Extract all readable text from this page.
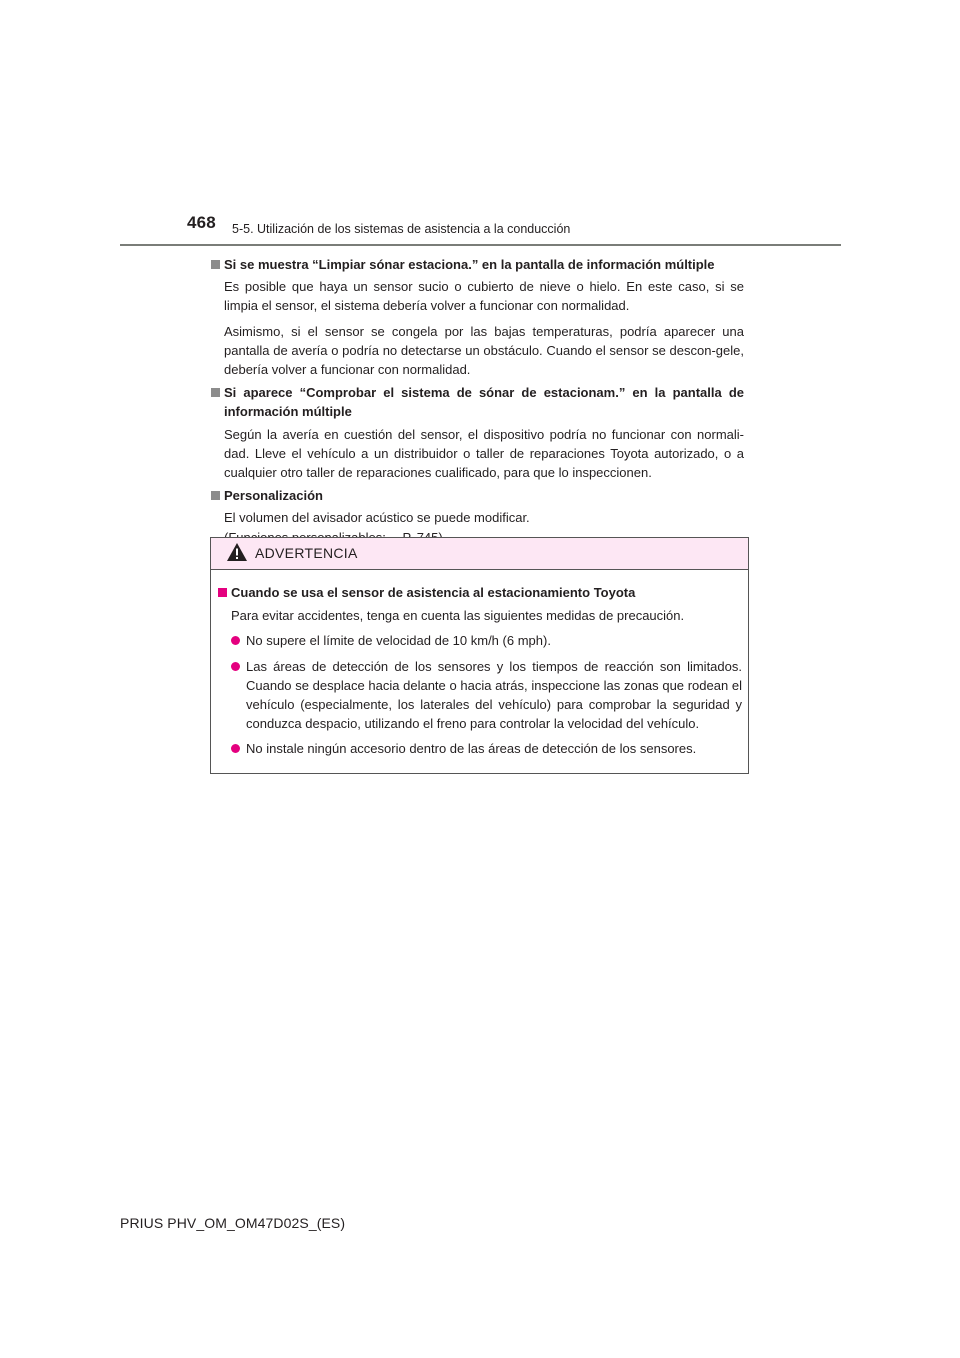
468 5-5. Utilización de los sistemas de asistencia a la conducción
Si se muestra “Limpiar sónar estaciona.” en la pantalla de información múltiple

Es posible que haya un sensor sucio o cubierto de nieve o hielo. En este caso, si se limpia el sensor, el sistema debería volver a funcionar con normalidad.

Asimismo, si el sensor se congela por las bajas temperaturas, podría aparecer una pantalla de avería o podría no detectarse un obstáculo. Cuando el sensor se descon-gele, debería volver a funcionar con normalidad.

Si aparece “Comprobar el sistema de sónar de estacionam.” en la pantalla de información múltiple

Según la avería en cuestión del sensor, el dispositivo podría no funcionar con normali-dad. Lleve el vehículo a un distribuidor o taller de reparaciones Toyota autorizado, o a cualquier otro taller de reparaciones cualificado, para que lo inspeccionen.

Personalización

El volumen del avisador acústico se puede modificar.

ADVERTENCIA
Cuando se usa el sensor de asistencia al estacionamiento Toyota
Para evitar accidentes, tenga en cuenta las siguientes medidas de precaución.
No supere el límite de velocidad de 10 km/h (6 mph).
Las áreas de detección de los sensores y los tiempos de reacción son limitados. Cuando se desplace hacia delante o hacia atrás, inspeccione las zonas que rodean el vehículo (especialmente, los laterales del vehículo) para comprobar la seguridad y conduzca despacio, utilizando el freno para controlar la velocidad del vehículo.
No instale ningún accesorio dentro de las áreas de detección de los sensores.
PRIUS PHV_OM_OM47D02S_(ES)
